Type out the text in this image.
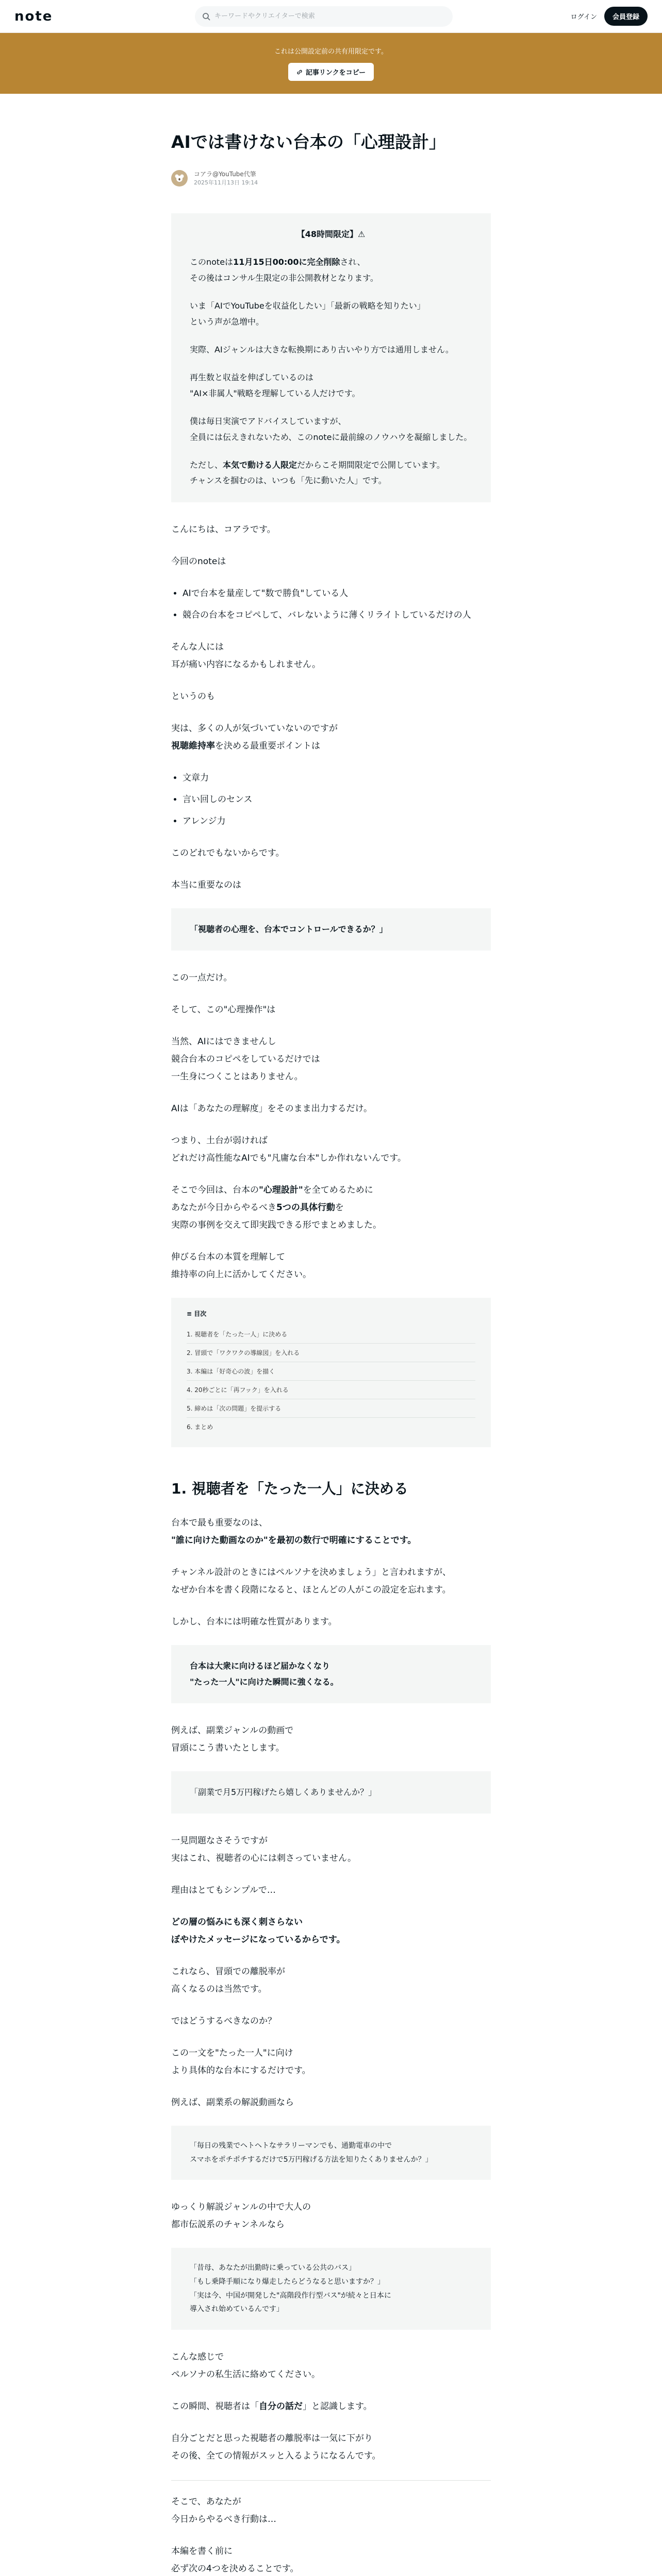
note
キーワードやクリエイターで検索	ログイン	会員登録
これは公開設定前の共有用限定です。
記事リンクをコピー
AIでは書けない台本の「心理設計」
コアラ@YouTube代筆
2025年11月13日 19:14

【48時間限定】⚠

このnoteは11月15日00:00に完全削除され、
その後はコンサル生限定の非公開教材となります。

いま「AIでYouTubeを収益化したい」「最新の戦略を知りたい」
という声が急増中。

実際、AIジャンルは大きな転換期にあり古いやり方では通用しません。

再生数と収益を伸ばしているのは
"AI×非属人"戦略を理解している人だけです。

僕は毎日実演でアドバイスしていますが、
全員には伝えきれないため、このnoteに最前線のノウハウを凝縮しました。

ただし、本気で動ける人限定だからこそ期間限定で公開しています。
チャンスを掴むのは、いつも「先に動いた人」です。

こんにちは、コアラです。

今回のnoteは

• AIで台本を量産して"数で勝負"している人
• 競合の台本をコピペして、バレないように薄くリライトしているだけの人

そんな人には
耳が痛い内容になるかもしれません。

というのも

実は、多くの人が気づいていないのですが
視聴維持率を決める最重要ポイントは

• 文章力
• 言い回しのセンス
• アレンジ力

このどれでもないからです。

本当に重要なのは

「視聴者の心理を、台本でコントロールできるか？」

この一点だけ。

そして、この"心理操作"は

当然、AIにはできませんし
競合台本のコピペをしているだけでは
一生身につくことはありません。

AIは「あなたの理解度」をそのまま出力するだけ。

つまり、土台が弱ければ
どれだけ高性能なAIでも"凡庸な台本"しか作れないんです。

そこで今回は、台本の"心理設計"を全てめるために
あなたが今日からやるべき5つの具体行動を
実際の事例を交えて即実践できる形でまとめました。

伸びる台本の本質を理解して
維持率の向上に活かしてください。

≡ 目次
1. 視聴者を「たった一人」に決める
2. 冒頭で「ワクワクの導線図」を入れる
3. 本編は「好奇心の波」を描く
4. 20秒ごとに「再フック」を入れる
5. 締めは「次の問題」を提示する
6. まとめ
1. 視聴者を「たった一人」に決める

台本で最も重要なのは、
"誰に向けた動画なのか"を最初の数行で明確にすることです。

チャンネル設計のときにはペルソナを決めましょう」と言われますが、
なぜか台本を書く段階になると、ほとんどの人がこの設定を忘れます。

しかし、台本には明確な性質があります。

台本は大衆に向けるほど届かなくなり
"たった一人"に向けた瞬間に強くなる。

例えば、副業ジャンルの動画で
冒頭にこう書いたとします。

「副業で月5万円稼げたら嬉しくありませんか？」

一見問題なさそうですが
実はこれ、視聴者の心には刺さっていません。

理由はとてもシンプルで…

どの層の悩みにも深く刺さらない
ぼやけたメッセージになっているからです。

これなら、冒頭での離脱率が
高くなるのは当然です。

ではどうするべきなのか？

この一文を"たった一人"に向け
より具体的な台本にするだけです。

例えば、副業系の解説動画なら

「毎日の残業でヘトヘトなサラリーマンでも、通勤電車の中で
スマホをポチポチするだけで5万円稼げる方法を知りたくありませんか？」

ゆっくり解説ジャンルの中で大人の
都市伝説系のチャンネルなら

「昔母、あなたが出勤時に乗っている公共のバス」
「もし乗降手順になり爆走したらどうなると思いますか？」
「実は今、中国が開発した"高階段作行型バス"が続々と日本に
導入され始めているんです」

こんな感じで
ペルソナの私生活に絡めてください。

この瞬間、視聴者は「自分の話だ」と認識します。

自分ごとだと思った視聴者の離脱率は一気に下がり
その後、全ての情報がスッと入るようになるんです。

そこで、あなたが
今日からやるべき行動は…

本編を書く前に
必ず次の4つを決めることです。
